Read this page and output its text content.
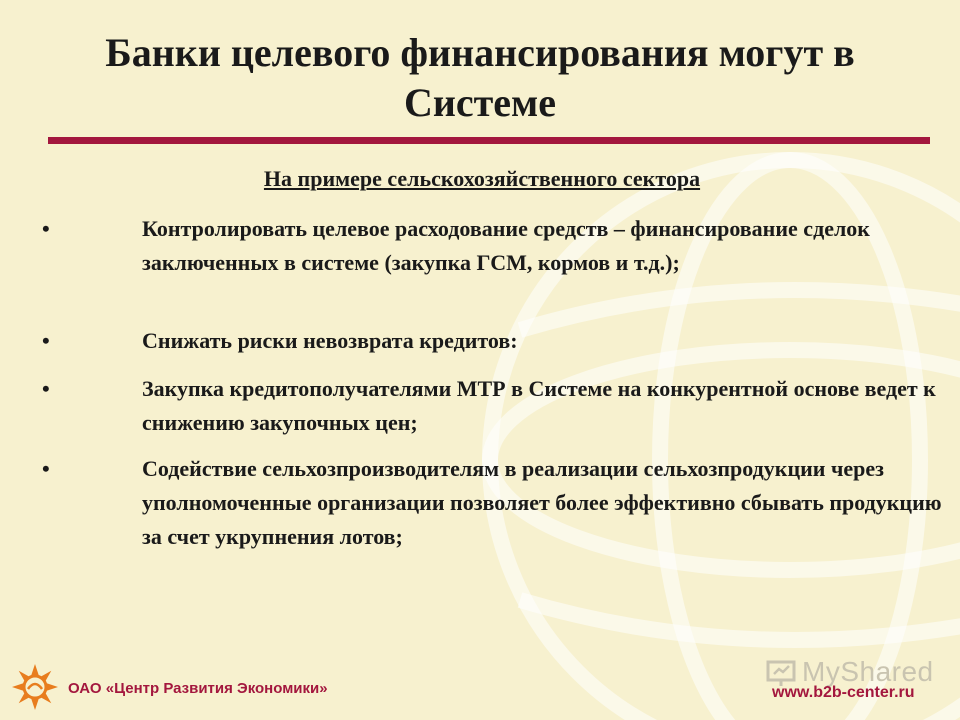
Банки целевого финансирования могут в Системе
На примере сельскохозяйственного сектора
•	Контролировать целевое расходование средств – финансирование сделок заключенных в системе (закупка ГСМ, кормов и т.д.);
•	Снижать риски невозврата кредитов:
•	Закупка кредитополучателями МТР в Системе на конкурентной основе ведет к снижению закупочных цен;
•	Содействие сельхозпроизводителям в реализации сельхозпродукции через уполномоченные организации позволяет более эффективно сбывать продукцию за счет укрупнения лотов;
ОАО «Центр Развития Экономики»
MyShared
www.b2b-center.ru
